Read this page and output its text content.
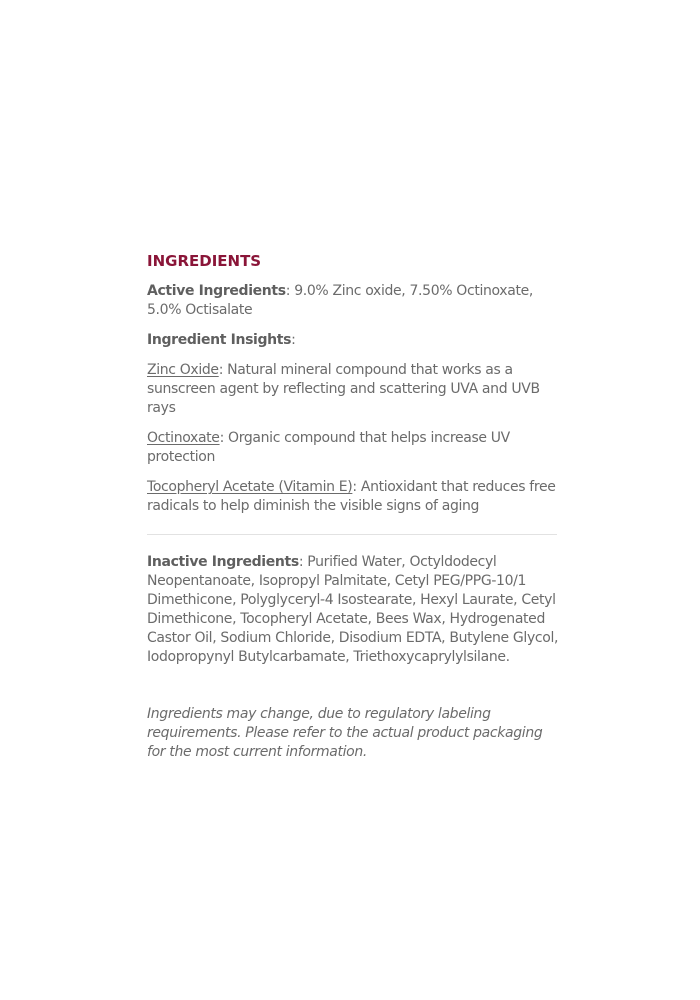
INGREDIENTS

Active Ingredients: 9.0% Zinc oxide, 7.50% Octinoxate, 5.0% Octisalate

Ingredient Insights:

Zinc Oxide: Natural mineral compound that works as a sunscreen agent by reflecting and scattering UVA and UVB rays

Octinoxate: Organic compound that helps increase UV protection

Tocopheryl Acetate (Vitamin E): Antioxidant that reduces free radicals to help diminish the visible signs of aging

Inactive Ingredients: Purified Water, Octyldodecyl Neopentanoate, Isopropyl Palmitate, Cetyl PEG/PPG-10/1 Dimethicone, Polyglyceryl-4 Isostearate, Hexyl Laurate, Cetyl Dimethicone, Tocopheryl Acetate, Bees Wax, Hydrogenated Castor Oil, Sodium Chloride, Disodium EDTA, Butylene Glycol, Iodopropynyl Butylcarbamate, Triethoxycaprylylsilane.

Ingredients may change, due to regulatory labeling requirements. Please refer to the actual product packaging for the most current information.
